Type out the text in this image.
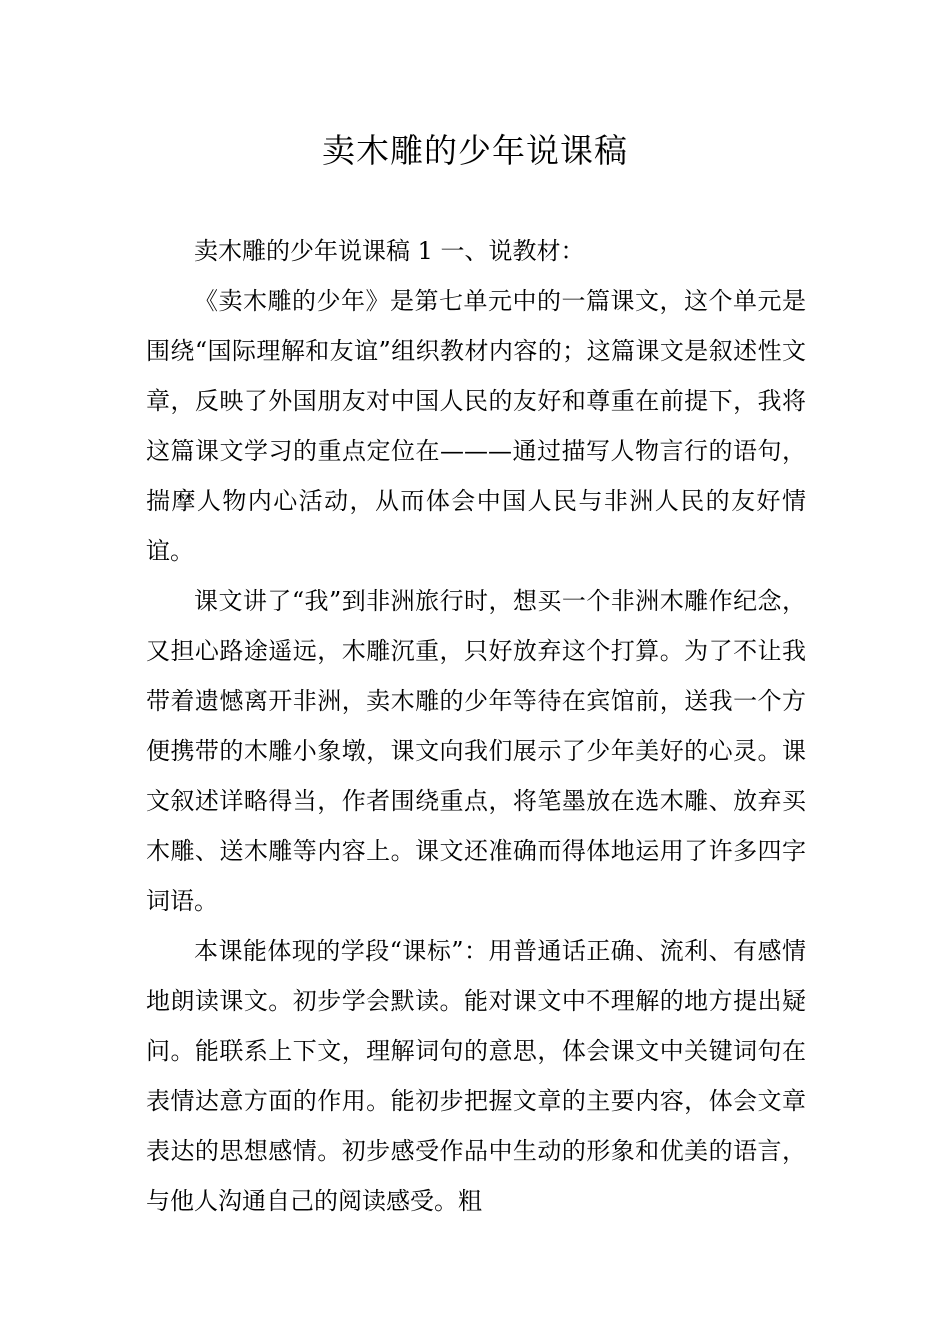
卖木雕的少年说课稿

卖木雕的少年说课稿 1 一、说教材：

《卖木雕的少年》是第七单元中的一篇课文，这个单元是围绕“国际理解和友谊”组织教材内容的；这篇课文是叙述性文章，反映了外国朋友对中国人民的友好和尊重在前提下，我将这篇课文学习的重点定位在———通过描写人物言行的语句，揣摩人物内心活动，从而体会中国人民与非洲人民的友好情谊。

课文讲了“我”到非洲旅行时，想买一个非洲木雕作纪念，又担心路途遥远，木雕沉重，只好放弃这个打算。为了不让我带着遗憾离开非洲，卖木雕的少年等待在宾馆前，送我一个方便携带的木雕小象墩，课文向我们展示了少年美好的心灵。课文叙述详略得当，作者围绕重点，将笔墨放在选木雕、放弃买木雕、送木雕等内容上。课文还准确而得体地运用了许多四字词语。

本课能体现的学段“课标”：用普通话正确、流利、有感情地朗读课文。初步学会默读。能对课文中不理解的地方提出疑问。能联系上下文，理解词句的意思，体会课文中关键词句在表情达意方面的作用。能初步把握文章的主要内容，体会文章表达的思想感情。初步感受作品中生动的形象和优美的语言，与他人沟通自己的阅读感受。粗
